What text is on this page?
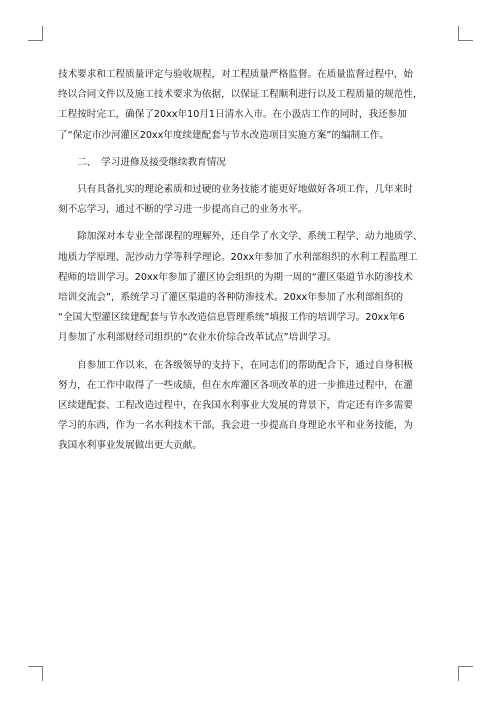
技术要求和工程质量评定与验收规程，对工程质量严格监督。在质量监督过程中，始
终以合同文件以及施工技术要求为依据，以保证工程顺利进行以及工程质量的规范性，
工程按时完工，确保了20xx年10月1日清水入市。在小汲店工作的同时，我还参加
了“保定市沙河灌区20xx年度续建配套与节水改造项目实施方案”的编制工作。
　　二、　学习进修及接受继续教育情况
　　只有具备扎实的理论素质和过硬的业务技能才能更好地做好各项工作，几年来时
刻不忘学习，通过不断的学习进一步提高自己的业务水平。
　　除加深对本专业全部课程的理解外，还自学了水文学、系统工程学、动力地质学、
地质力学原理、泥沙动力学等科学理论。20xx年参加了水利部组织的水利工程监理工
程师的培训学习。20xx年参加了灌区协会组织的为期一周的“灌区渠道节水防渗技术
培训交流会”，系统学习了灌区渠道的各种防渗技术。20xx年参加了水利部组织的
“全国大型灌区续建配套与节水改造信息管理系统”填报工作的培训学习。20xx年6
月参加了水利部财经司组织的“农业水价综合改革试点”培训学习。
　　自参加工作以来，在各级领导的支持下，在同志们的帮助配合下，通过自身积极
努力，在工作中取得了一些成绩，但在水库灌区各项改革的进一步推进过程中，在灌
区续建配套、工程改造过程中，在我国水利事业大发展的背景下，肯定还有许多需要
学习的东西，作为一名水利技术干部，我会进一步提高自身理论水平和业务技能，为
我国水利事业发展做出更大贡献。
